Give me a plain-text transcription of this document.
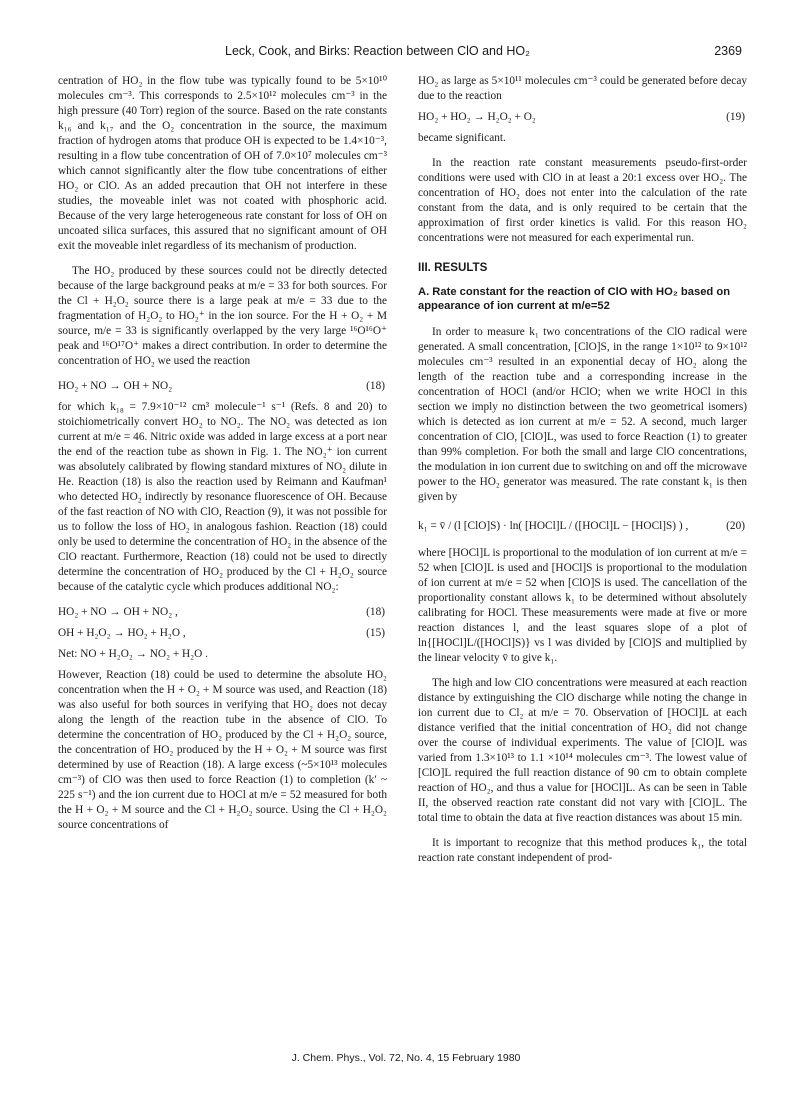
Leck, Cook, and Birks: Reaction between ClO and HO₂	2369

centration of HO₂ in the flow tube was typically found to be 5×10¹⁰ molecules cm⁻³. This corresponds to 2.5×10¹² molecules cm⁻³ in the high pressure (40 Torr) region of the source. Based on the rate constants k₁₆ and k₁₇ and the O₂ concentration in the source, the maximum fraction of hydrogen atoms that produce OH is expected to be 1.4×10⁻³, resulting in a flow tube concentration of OH of 7.0×10⁷ molecules cm⁻³ which cannot significantly alter the flow tube concentrations of either HO₂ or ClO. As an added precaution that OH not interfere in these studies, the moveable inlet was not coated with phosphoric acid. Because of the very large heterogeneous rate constant for loss of OH on uncoated silica surfaces, this assured that no significant amount of OH exit the moveable inlet regardless of its mechanism of production.

The HO₂ produced by these sources could not be directly detected because of the large background peaks at m/e = 33 for both sources. For the Cl + H₂O₂ source there is a large peak at m/e = 33 due to the fragmentation of H₂O₂ to HO₂⁺ in the ion source. For the H + O₂ + M source, m/e = 33 is significantly overlapped by the very large ¹⁶O¹⁶O⁺ peak and ¹⁶O¹⁷O⁺ makes a direct contribution. In order to determine the concentration of HO₂ we used the reaction

HO₂ + NO → OH + NO₂	(18)

for which k₁₈ = 7.9×10⁻¹² cm³ molecule⁻¹ s⁻¹ (Refs. 8 and 20) to stoichiometrically convert HO₂ to NO₂. The NO₂ was detected as ion current at m/e = 46. Nitric oxide was added in large excess at a port near the end of the reaction tube as shown in Fig. 1. The NO₂⁺ ion current was absolutely calibrated by flowing standard mixtures of NO₂ dilute in He. Reaction (18) is also the reaction used by Reimann and Kaufman¹ who detected HO₂ indirectly by resonance fluorescence of OH. Because of the fast reaction of NO with ClO, Reaction (9), it was not possible for us to follow the loss of HO₂ in analogous fashion. Reaction (18) could only be used to determine the concentration of HO₂ in the absence of the ClO reactant. Furthermore, Reaction (18) could not be used to directly determine the concentration of HO₂ produced by the Cl + H₂O₂ source because of the catalytic cycle which produces additional NO₂:

HO₂ + NO → OH + NO₂ ,	(18)
OH + H₂O₂ → HO₂ + H₂O ,	(15)
Net: NO + H₂O₂ → NO₂ + H₂O .

However, Reaction (18) could be used to determine the absolute HO₂ concentration when the H + O₂ + M source was used, and Reaction (18) was also useful for both sources in verifying that HO₂ does not decay along the length of the reaction tube in the absence of ClO. To determine the concentration of HO₂ produced by the Cl + H₂O₂ source, the concentration of HO₂ produced by the H + O₂ + M source was first determined by use of Reaction (18). A large excess (~5×10¹³ molecules cm⁻³) of ClO was then used to force Reaction (1) to completion (k′ ~ 225 s⁻¹) and the ion current due to HOCl at m/e = 52 measured for both the H + O₂ + M source and the Cl + H₂O₂ source. Using the Cl + H₂O₂ source concentrations of

HO₂ as large as 5×10¹¹ molecules cm⁻³ could be generated before decay due to the reaction

HO₂ + HO₂ → H₂O₂ + O₂	(19)

became significant.

In the reaction rate constant measurements pseudo-first-order conditions were used with ClO in at least a 20:1 excess over HO₂. The concentration of HO₂ does not enter into the calculation of the rate constant from the data, and is only required to be certain that the approximation of first order kinetics is valid. For this reason HO₂ concentrations were not measured for each experimental run.

III. RESULTS
A. Rate constant for the reaction of ClO with HO₂ based on appearance of ion current at m/e=52

In order to measure k₁ two concentrations of the ClO radical were generated. A small concentration, [ClO]S, in the range 1×10¹² to 9×10¹² molecules cm⁻³ resulted in an exponential decay of HO₂ along the length of the reaction tube and a corresponding increase in the concentration of HOCl (and/or HClO; when we write HOCl in this section we imply no distinction between the two geometrical isomers) which is detected as ion current at m/e = 52. A second, much larger concentration of ClO, [ClO]L, was used to force Reaction (1) to greater than 99% completion. For both the small and large ClO concentrations, the modulation in ion current due to switching on and off the microwave power to the HO₂ generator was measured. The rate constant k₁ is then given by

k₁ = v̄ / (l [ClO]S) · ln( [HOCl]L / ([HOCl]L − [HOCl]S) ) ,	(20)

where [HOCl]L is proportional to the modulation of ion current at m/e = 52 when [ClO]L is used and [HOCl]S is proportional to the modulation of ion current at m/e = 52 when [ClO]S is used. The cancellation of the proportionality constant allows k₁ to be determined without absolutely calibrating for HOCl. These measurements were made at five or more reaction distances l, and the least squares slope of a plot of ln{[HOCl]L/([HOCl]S)} vs l was divided by [ClO]S and multiplied by the linear velocity v̄ to give k₁.

The high and low ClO concentrations were measured at each reaction distance by extinguishing the ClO discharge while noting the change in ion current due to Cl₂ at m/e = 70. Observation of [HOCl]L at each distance verified that the initial concentration of HO₂ did not change over the course of individual experiments. The value of [ClO]L was varied from 1.3×10¹³ to 1.1 ×10¹⁴ molecules cm⁻³. The lowest value of [ClO]L required the full reaction distance of 90 cm to obtain complete reaction of HO₂, and thus a value for [HOCl]L. As can be seen in Table II, the observed reaction rate constant did not vary with [ClO]L. The total time to obtain the data at five reaction distances was about 15 min.

It is important to recognize that this method produces k₁, the total reaction rate constant independent of prod-

J. Chem. Phys., Vol. 72, No. 4, 15 February 1980
